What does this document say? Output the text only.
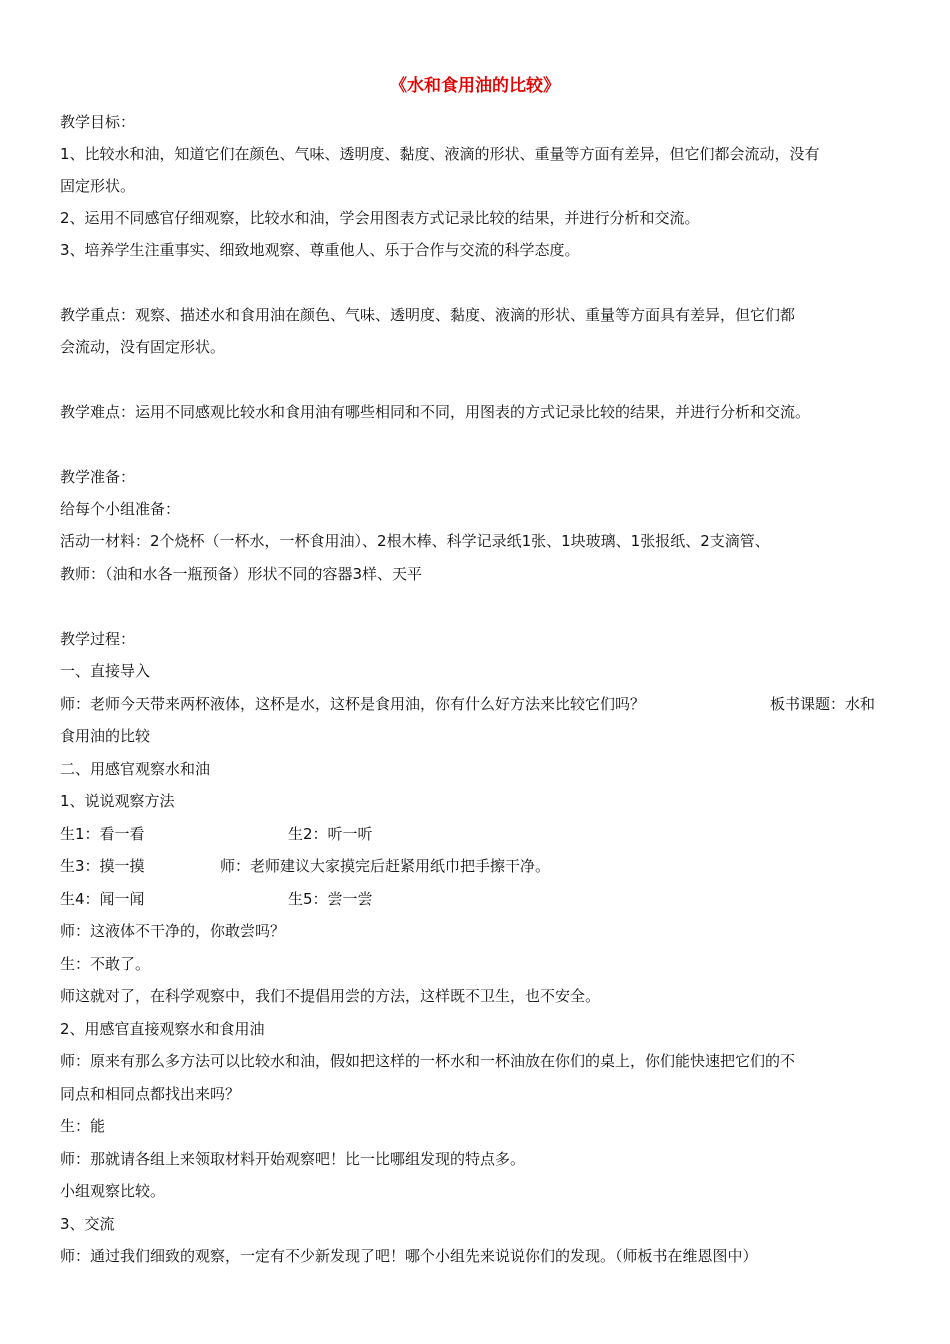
《水和食用油的比较》
教学目标：
1、比较水和油，知道它们在颜色、气味、透明度、黏度、液滴的形状、重量等方面有差异，但它们都会流动，没有
固定形状。
2、运用不同感官仔细观察，比较水和油，学会用图表方式记录比较的结果，并进行分析和交流。
3、培养学生注重事实、细致地观察、尊重他人、乐于合作与交流的科学态度。
教学重点：观察、描述水和食用油在颜色、气味、透明度、黏度、液滴的形状、重量等方面具有差异，但它们都
会流动，没有固定形状。
教学难点：运用不同感观比较水和食用油有哪些相同和不同，用图表的方式记录比较的结果，并进行分析和交流。
教学准备：
给每个小组准备：
活动一材料：2个烧杯（一杯水，一杯食用油）、2根木棒、科学记录纸1张、1块玻璃、1张报纸、2支滴管、
教师：（油和水各一瓶预备）形状不同的容器3样、天平
教学过程：
一、直接导入
师：老师今天带来两杯液体，这杯是水，这杯是食用油，你有什么好方法来比较它们吗？	板书课题：水和
食用油的比较
二、用感官观察水和油
1、说说观察方法
生1：看一看	生2：听一听
生3：摸一摸	师：老师建议大家摸完后赶紧用纸巾把手擦干净。
生4：闻一闻	生5：尝一尝
师：这液体不干净的，你敢尝吗？
生：不敢了。
师这就对了，在科学观察中，我们不提倡用尝的方法，这样既不卫生，也不安全。
2、用感官直接观察水和食用油
师：原来有那么多方法可以比较水和油，假如把这样的一杯水和一杯油放在你们的桌上，你们能快速把它们的不
同点和相同点都找出来吗？
生：能
师：那就请各组上来领取材料开始观察吧！比一比哪组发现的特点多。
小组观察比较。
3、交流
师：通过我们细致的观察，一定有不少新发现了吧！哪个小组先来说说你们的发现。（师板书在维恩图中）
